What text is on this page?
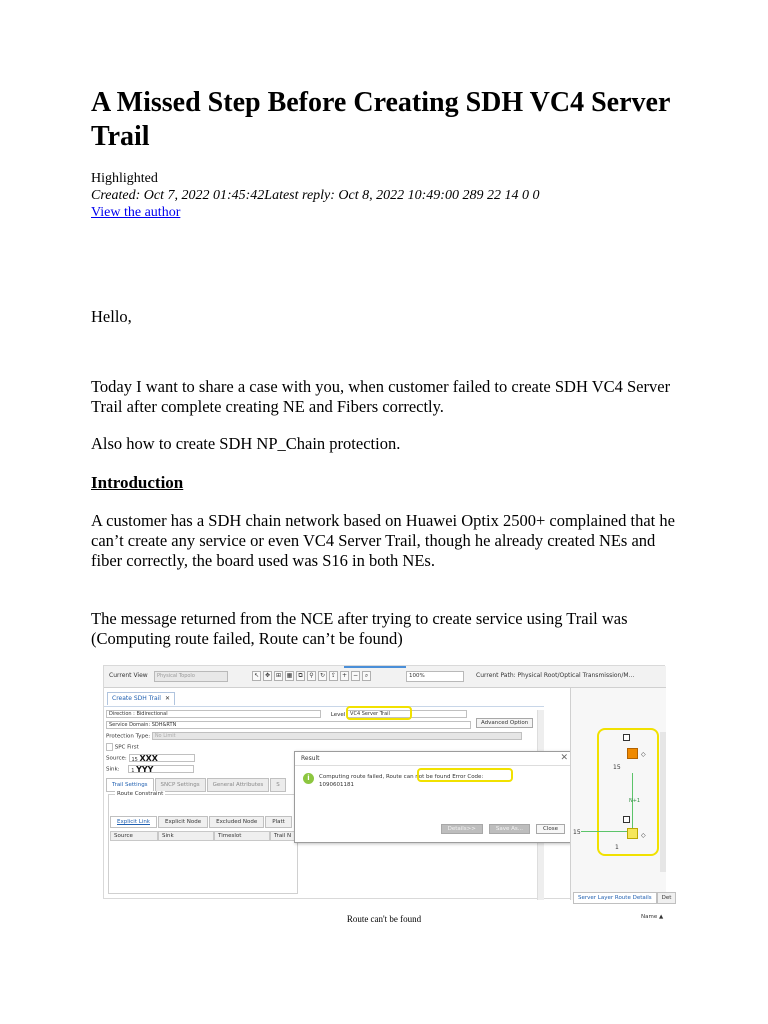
A Missed Step Before Creating SDH VC4 Server Trail
Highlighted
Created: Oct 7, 2022 01:45:42Latest reply: Oct 8, 2022 10:49:00 289 22 14 0 0
View the author

Hello,

Today I want to share a case with you, when customer failed to create SDH VC4 Server Trail after complete creating NE and Fibers correctly.

Also how to create SDH NP_Chain protection.

Introduction

A customer has a SDH chain network based on Huawei Optix 2500+ complained that he can’t create any service or even VC4 Server Trail, though he already created NEs and fiber correctly, the board used was S16 in both NEs.

The message returned from the NCE after trying to create service using Trail was (Computing route failed, Route can’t be found)

Current View	Physical Topolo	↖ ✥ ⊞ ▦	⧉	⚲	↻ ⇪ + −	⌕	100%	Current Path: Physical Root/Optical Transmission/M...
Create SDH Trail ✕
Direction : Bidirectional	Level VC4 Server Trail
Service Domain: SDH&RTN
Protection Type: No Limit
SPC First
Source: 15 XXX
Sink: 1 YYY
Advanced Option
Trail Settings	SNCP Settings	General Attributes	S
Route Constraint
Explicit Link	Explicit Node	Excluded Node	Platt
Source	Sink	Timeslot	Trail N
Result	✕
i	Computing route failed, Route can not be found Error Code:
1090601181
Details>>	Save As...	Close
◇
15
N+1
15	◇
1
Server Layer Route Details	Det
Name ▲
Route can't be found
